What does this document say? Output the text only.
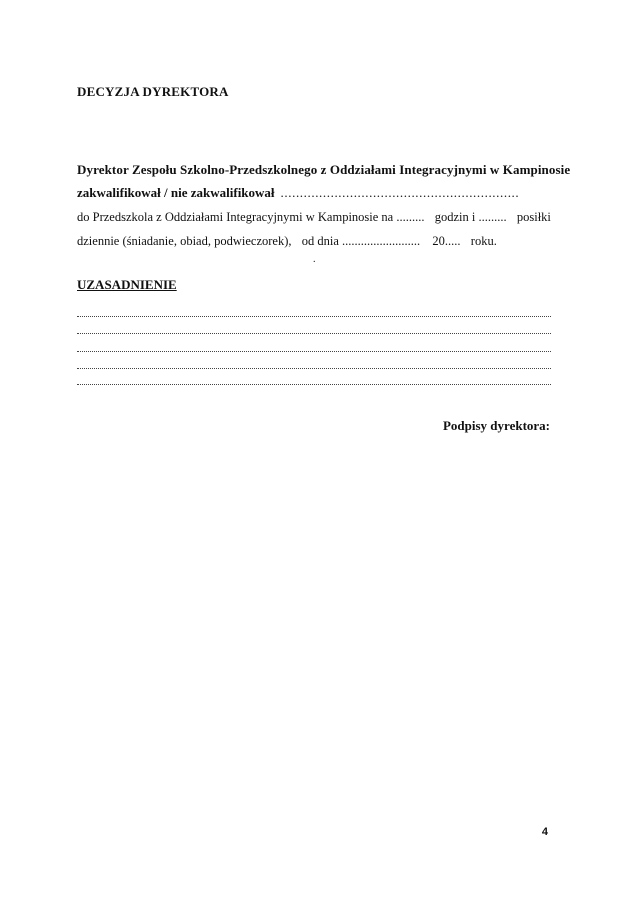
DECYZJA DYREKTORA
Dyrektor Zespołu Szkolno-Przedszkolnego z Oddziałami Integracyjnymi w Kampinosie
zakwalifikował / nie zakwalifikował ..............................................................
do Przedszkola z Oddziałami Integracyjnymi w Kampinosie na ......... godzin i ......... posiłki
dziennie (śniadanie, obiad, podwieczorek), od dnia ......................... 20..... roku.
.
UZASADNIENIE
Podpisy dyrektora:
4
